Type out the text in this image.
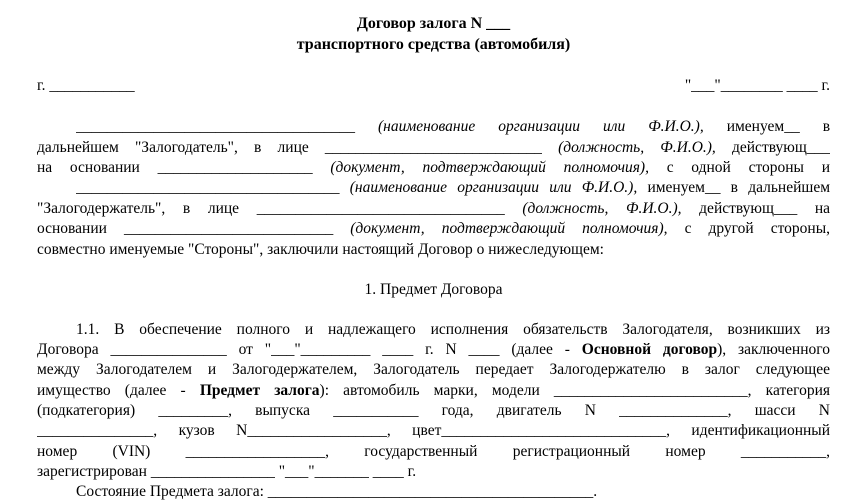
Договор залога N ___
транспортного средства (автомобиля)
г. ___________	"___"________ ____ г.
____________________________________ (наименование организации или Ф.И.О.), именуем__ в
дальнейшем "Залогодатель", в лице ____________________________ (должность, Ф.И.О.), действующ___
на основании ____________________ (документ, подтверждающий полномочия), с одной стороны и
__________________________________ (наименование организации или Ф.И.О.), именуем__ в дальнейшем
"Залогодержатель", в лице ________________________________ (должность, Ф.И.О.), действующ___ на
основании ___________________________ (документ, подтверждающий полномочия), с другой стороны,
совместно именуемые "Стороны", заключили настоящий Договор о нижеследующем:
1. Предмет Договора
1.1. В обеспечение полного и надлежащего исполнения обязательств Залогодателя, возникших из
Договора _______________ от "___"_________ ____ г. N ____ (далее - Основной договор), заключенного
между Залогодателем и Залогодержателем, Залогодатель передает Залогодержателю в залог следующее
имущество (далее - Предмет залога): автомобиль марки, модели _________________________, категория
(подкатегория) _________, выпуска ___________ года, двигатель N ______________, шасси N
_______________, кузов N__________________, цвет_____________________________, идентификационный
номер (VIN) __________________, государственный регистрационный номер ___________,
зарегистрирован ________________ "___"_______ ____ г.
Состояние Предмета залога: __________________________________________.
